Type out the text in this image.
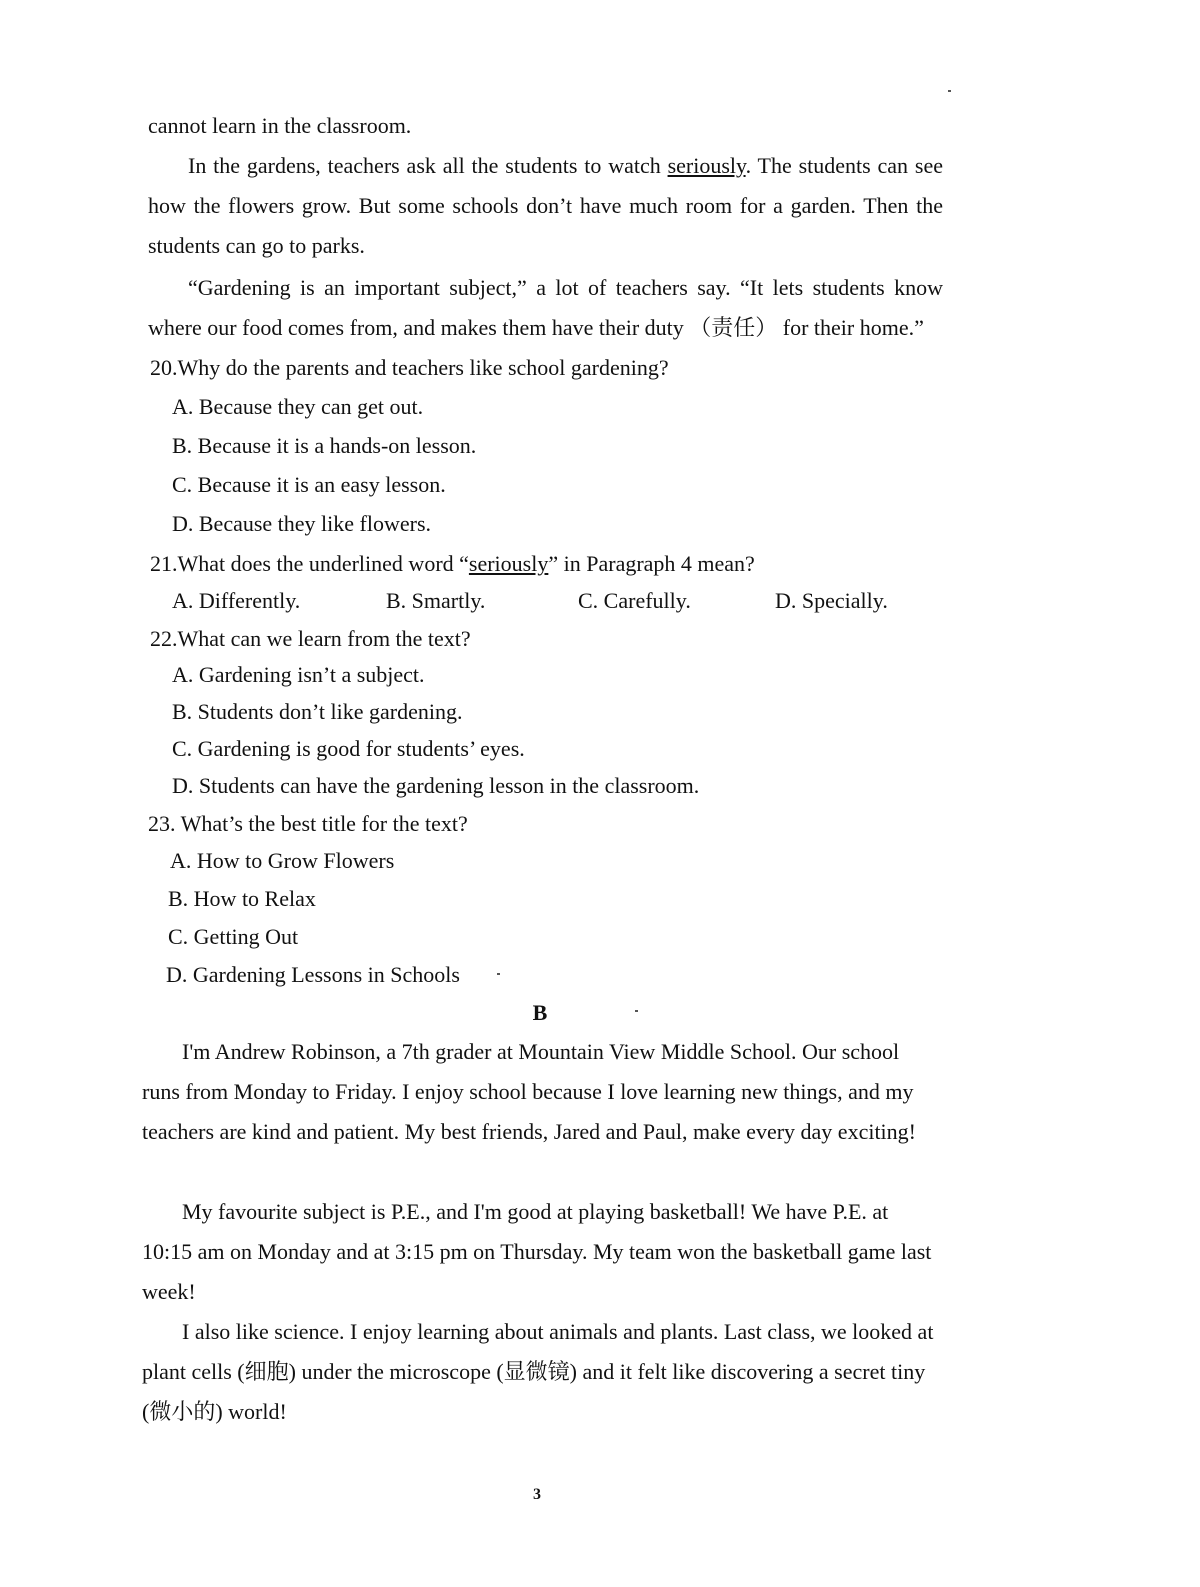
cannot learn in the classroom.
In the gardens, teachers ask all the students to watch seriously. The students can see how the flowers grow. But some schools don’t have much room for a garden. Then the students can go to parks.
“Gardening is an important subject,” a lot of teachers say. “It lets students know where our food comes from, and makes them have their duty （责任） for their home.”
20.Why do the parents and teachers like school gardening?
A. Because they can get out.
B. Because it is a hands-on lesson.
C. Because it is an easy lesson.
D. Because they like flowers.
21.What does the underlined word “seriously” in Paragraph 4 mean?
A. Differently.	B. Smartly.	C. Carefully.	D. Specially.
22.What can we learn from the text?
A. Gardening isn’t a subject.
B. Students don’t like gardening.
C. Gardening is good for students’ eyes.
D. Students can have the gardening lesson in the classroom.
23. What’s the best title for the text?
A. How to Grow Flowers
B. How to Relax
C. Getting Out
D. Gardening Lessons in Schools
B
I'm Andrew Robinson, a 7th grader at Mountain View Middle School. Our school runs from Monday to Friday. I enjoy school because I love learning new things, and my teachers are kind and patient. My best friends, Jared and Paul, make every day exciting!
My favourite subject is P.E., and I'm good at playing basketball! We have P.E. at 10:15 am on Monday and at 3:15 pm on Thursday. My team won the basketball game last week!
I also like science. I enjoy learning about animals and plants. Last class, we looked at plant cells (细胞) under the microscope (显微镜) and it felt like discovering a secret tiny (微小的) world!
3
